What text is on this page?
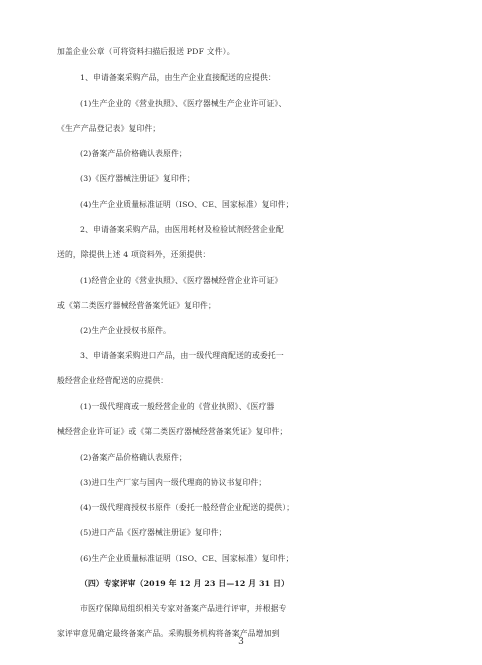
加盖企业公章（可将资料扫描后报送 PDF 文件）。
1、申请备案采购产品，由生产企业直接配送的应提供：
(1)生产企业的《营业执照》、《医疗器械生产企业许可证》、
《生产产品登记表》复印件；
(2)备案产品价格确认表原件；
(3)《医疗器械注册证》复印件；
(4)生产企业质量标准证明（ISO、CE、国家标准）复印件；
2、申请备案采购产品，由医用耗材及检验试剂经营企业配
送的，除提供上述 4 项资料外，还须提供：
(1)经营企业的《营业执照》、《医疗器械经营企业许可证》
或《第二类医疗器械经营备案凭证》复印件；
(2)生产企业授权书原件。
3、申请备案采购进口产品，由一级代理商配送的或委托一
般经营企业经营配送的应提供：
(1)一级代理商或一般经营企业的《营业执照》、《医疗器
械经营企业许可证》或《第二类医疗器械经营备案凭证》复印件；
(2)备案产品价格确认表原件；
(3)进口生产厂家与国内一级代理商的协议书复印件；
(4)一级代理商授权书原件（委托一般经营企业配送的提供）；
(5)进口产品《医疗器械注册证》复印件；
(6)生产企业质量标准证明（ISO、CE、国家标准）复印件；
（四）专家评审（2019 年 12 月 23 日—12 月 31 日）
市医疗保障局组织相关专家对备案产品进行评审，并根据专
家评审意见确定最终备案产品。采购服务机构将备案产品增加到
3
